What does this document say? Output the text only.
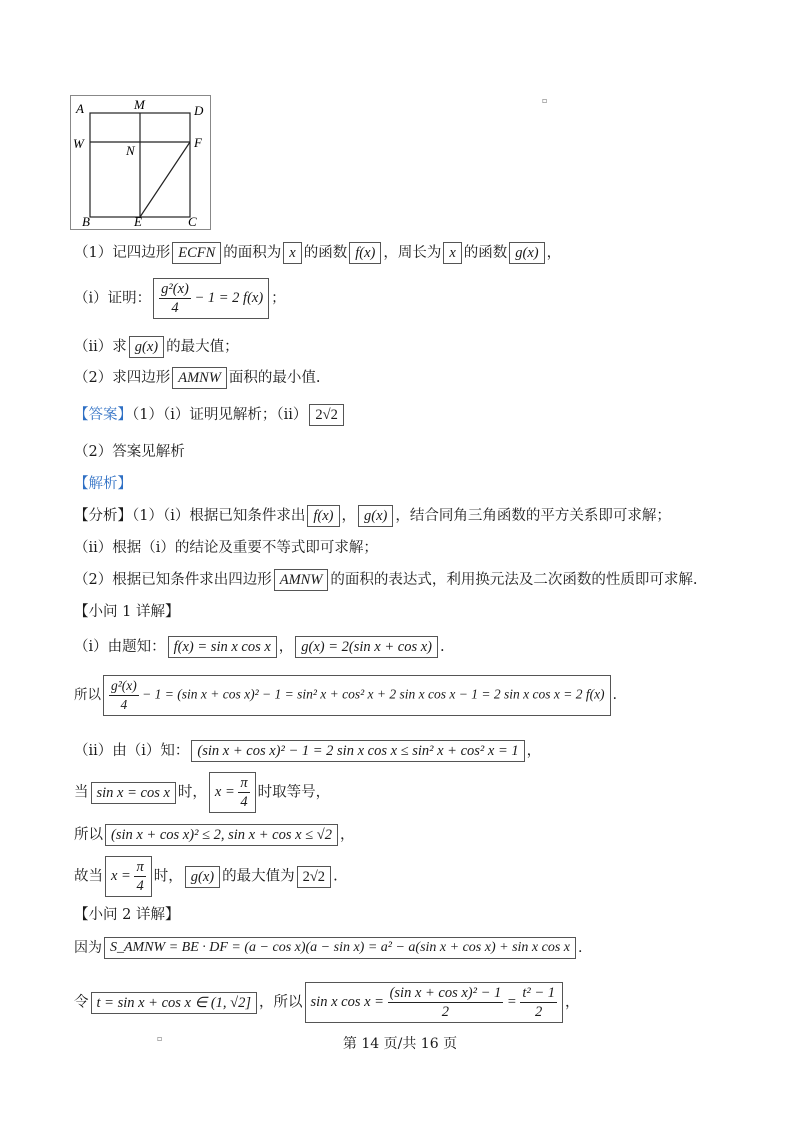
A	M	D
W	N
F
B	E	C
▫
（1）记四边形 ECFN 的面积为 x 的函数 f(x) ，周长为 x 的函数 g(x) ，
（i）证明： $\frac{\text{g²(x)}}{4} - 1 = 2$ f(x) ；
（ii）求 g(x) 的最大值；
（2）求四边形 AMNW 面积的最小值.
【答案】（1）（i）证明见解析；（ii） 2√2
（2）答案见解析
【解析】
【分析】（1）（i）根据已知条件求出 f(x) ， g(x) ，结合同角三角函数的平方关系即可求解；
（ii）根据（i）的结论及重要不等式即可求解；
（2）根据已知条件求出四边形 AMNW 的面积的表达式，利用换元法及二次函数的性质即可求解.
【小问 1 详解】
（i）由题知： f(x) = sin x cos x ， g(x) = 2(sin x + cos x) .
所以 $\frac{\text{g²(x)}}{4} - 1 = (\sin$ x + cos x)² − 1 = sin² x + cos² x + 2 sin x cos x − 1 = 2 sin x cos x = 2 f(x) .
（ii）由（i）知： (sin x + cos x)² − 1 = 2 sin x cos x ≤ sin² x + cos² x = 1 ，
当 sin x = cos x 时， $x = \frac{\pi}{4}$ 时取等号，
所以 (sin x + cos x)² ≤ 2, sin x + cos x ≤ √2 ，
故当 $x = \frac{\pi}{4}$ 时， g(x) 的最大值为 2√2 .
【小问 2 详解】
因为 S_AMNW = BE · DF = (a − cos x)(a − sin x) = a² − a(sin x + cos x) + sin x cos x .
令 t = sin x + cos x ∈ (1, √2] ，所以 sin x $\cos x = \frac{\text{(sin x + cos x)² − 1}}{2} = \frac{\text{t² − 1}}{2}$ ，
▫	第 14 页/共 16 页
